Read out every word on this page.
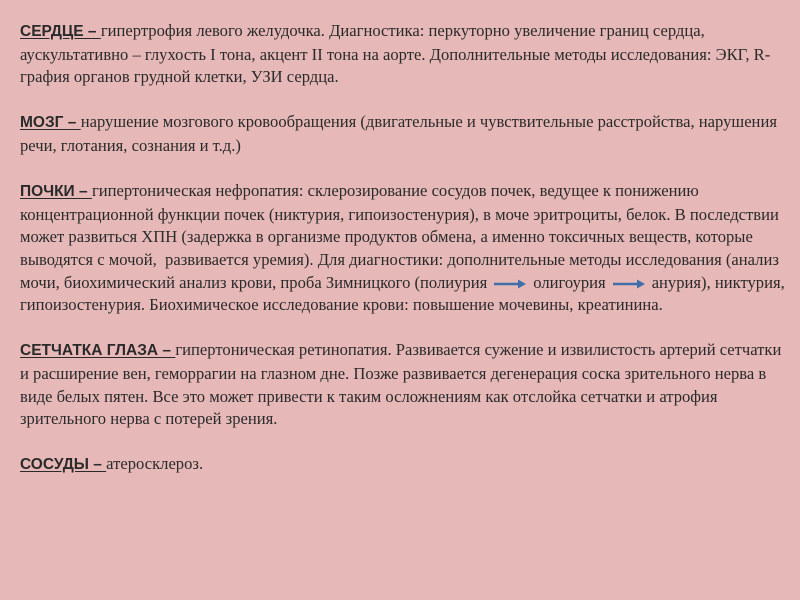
СЕРДЦЕ – гипертрофия левого желудочка. Диагностика: перкуторно увеличение границ сердца, аускультативно – глухость I тона, акцент II тона на аорте. Дополнительные методы исследования: ЭКГ, R- графия органов грудной клетки, УЗИ сердца.

МОЗГ – нарушение мозгового кровообращения (двигательные и чувствительные расстройства, нарушения речи, глотания, сознания и т.д.)

ПОЧКИ – гипертоническая нефропатия: склерозирование сосудов почек, ведущее к понижению концентрационной функции почек (никтурия, гипоизостенурия), в моче эритроциты, белок. В последствии может развиться ХПН (задержка в организме продуктов обмена, а именно токсичных веществ, которые выводятся с мочой,  развивается уремия). Для диагностики: дополнительные методы исследования (анализ мочи, биохимический анализ крови, проба Зимницкого (полиурия	олигоурия	анурия), никтурия, гипоизостенурия. Биохимическое исследование крови: повышение мочевины, креатинина.

СЕТЧАТКА ГЛАЗА – гипертоническая ретинопатия. Развивается сужение и извилистость артерий сетчатки и расширение вен, геморрагии на глазном дне. Позже развивается дегенерация соска зрительного нерва в виде белых пятен. Все это может привести к таким осложнениям как отслойка сетчатки и атрофия зрительного нерва с потерей зрения.

СОСУДЫ – атеросклероз.
